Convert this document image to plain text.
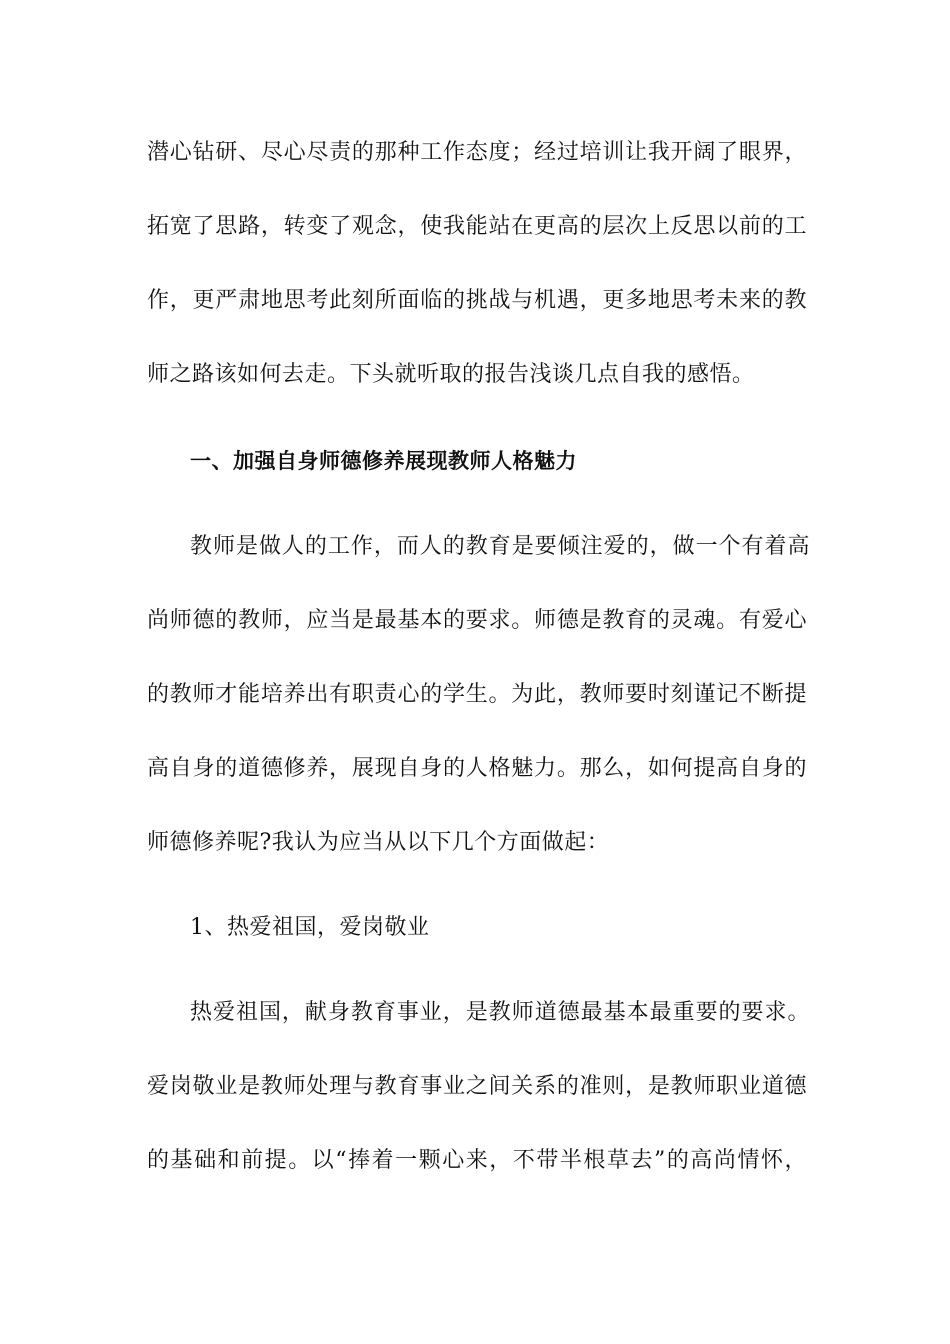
潜心钻研、尽心尽责的那种工作态度；经过培训让我开阔了眼界，
拓宽了思路，转变了观念，使我能站在更高的层次上反思以前的工
作，更严肃地思考此刻所面临的挑战与机遇，更多地思考未来的教
师之路该如何去走。下头就听取的报告浅谈几点自我的感悟。
一、加强自身师德修养展现教师人格魅力
教师是做人的工作，而人的教育是要倾注爱的，做一个有着高
尚师德的教师，应当是最基本的要求。师德是教育的灵魂。有爱心
的教师才能培养出有职责心的学生。为此，教师要时刻谨记不断提
高自身的道德修养，展现自身的人格魅力。那么，如何提高自身的
师德修养呢?我认为应当从以下几个方面做起：
1、热爱祖国，爱岗敬业
热爱祖国，献身教育事业，是教师道德最基本最重要的要求。
爱岗敬业是教师处理与教育事业之间关系的准则，是教师职业道德
的基础和前提。以“捧着一颗心来，不带半根草去”的高尚情怀，
